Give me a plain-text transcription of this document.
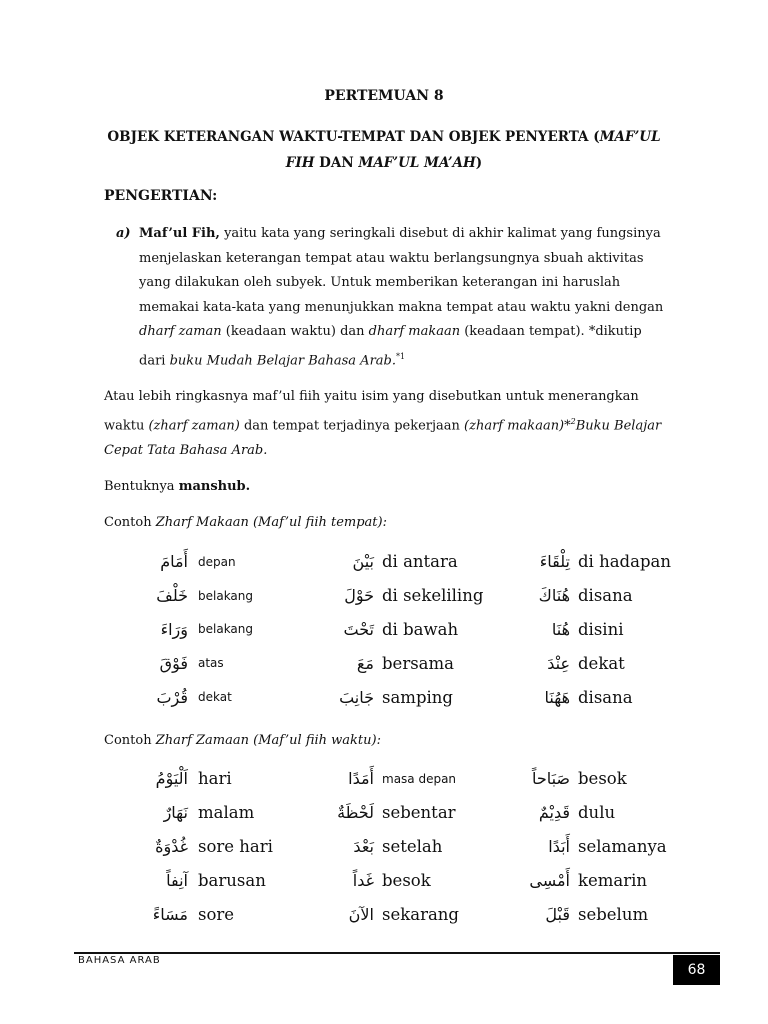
PERTEMUAN 8
OBJEK KETERANGAN WAKTU-TEMPAT DAN OBJEK PENYERTA (MAF’UL
FIH DAN MAF’UL MA’AH)
PENGERTIAN:
a) Maf’ul Fih, yaitu kata yang seringkali disebut di akhir kalimat yang fungsinya menjelaskan keterangan tempat atau waktu berlangsungnya sbuah aktivitas yang dilakukan oleh subyek. Untuk memberikan keterangan ini haruslah memakai kata-kata yang menunjukkan makna tempat atau waktu yakni dengan dharf zaman (keadaan waktu) dan dharf makaan (keadaan tempat). *dikutip dari buku Mudah Belajar Bahasa Arab.$^{*1}$
Atau lebih ringkasnya maf’ul fiih yaitu isim yang disebutkan untuk menerangkan waktu (zharf zaman) dan tempat terjadinya pekerjaan (zharf makaan)*$^2$Buku Belajar Cepat Tata Bahasa Arab.
Bentuknya manshub.
Contoh Zharf Makaan (Maf’ul fiih tempat):
أَمَامَ	depan	بَيْنَ	di antara	تِلْقَاءَ	di hadapan
خَلْفَ	belakang	حَوْلَ	di sekeliling	هُنَاكَ	disana
وَرَاءَ	belakang	تَحْتَ	di bawah	هُنَا	disini
فَوْقَ	atas	مَعَ	bersama	عِنْدَ	dekat
قُرْبَ	dekat	جَانِبَ	samping	هَهُنَا	disana
Contoh Zharf Zamaan (Maf’ul fiih waktu):
اَلْيَوْمُ	hari	أَمَدًا	masa depan	صَبَاحاً	besok
نَهَارٌ	malam	لَحْظَةٌ	sebentar	قَدِيْمٌ	dulu
غُدْوَةٌ	sore hari	بَعْدَ	setelah	أَبَدًا	selamanya
آنِفاً	barusan	غَداً	besok	أَمْسِى	kemarin
مَسَاءً	sore	الآنَ	sekarang	قَبْلَ	sebelum
BAHASA ARAB
68
